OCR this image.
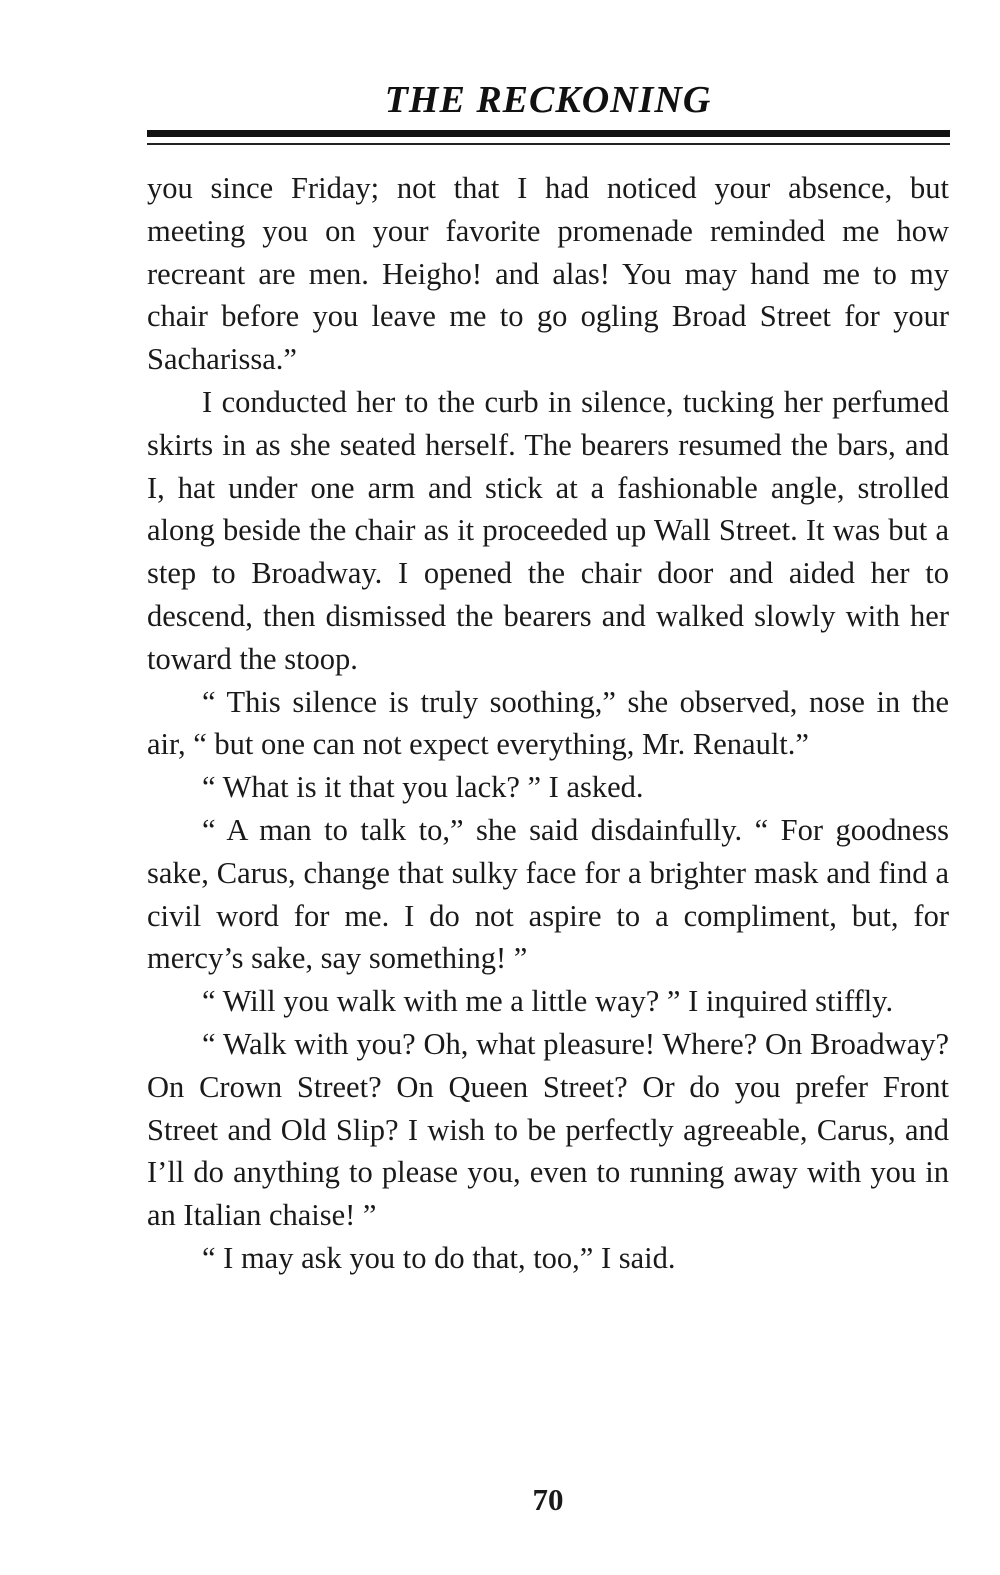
THE RECKONING

you since Friday; not that I had noticed your absence, but meeting you on your favorite promenade reminded me how recreant are men. Heigho! and alas! You may hand me to my chair before you leave me to go ogling Broad Street for your Sacharissa.”

I conducted her to the curb in silence, tucking her perfumed skirts in as she seated herself. The bearers resumed the bars, and I, hat under one arm and stick at a fashionable angle, strolled along beside the chair as it proceeded up Wall Street. It was but a step to Broadway. I opened the chair door and aided her to descend, then dismissed the bearers and walked slowly with her toward the stoop.

“ This silence is truly soothing,” she observed, nose in the air, “ but one can not expect everything, Mr. Renault.”

“ What is it that you lack? ” I asked.

“ A man to talk to,” she said disdainfully. “ For goodness sake, Carus, change that sulky face for a brighter mask and find a civil word for me. I do not aspire to a compliment, but, for mercy’s sake, say something! ”

“ Will you walk with me a little way? ” I inquired stiffly.

“ Walk with you? Oh, what pleasure! Where? On Broadway? On Crown Street? On Queen Street? Or do you prefer Front Street and Old Slip? I wish to be perfectly agreeable, Carus, and I’ll do anything to please you, even to running away with you in an Italian chaise! ”

“ I may ask you to do that, too,” I said.

70
